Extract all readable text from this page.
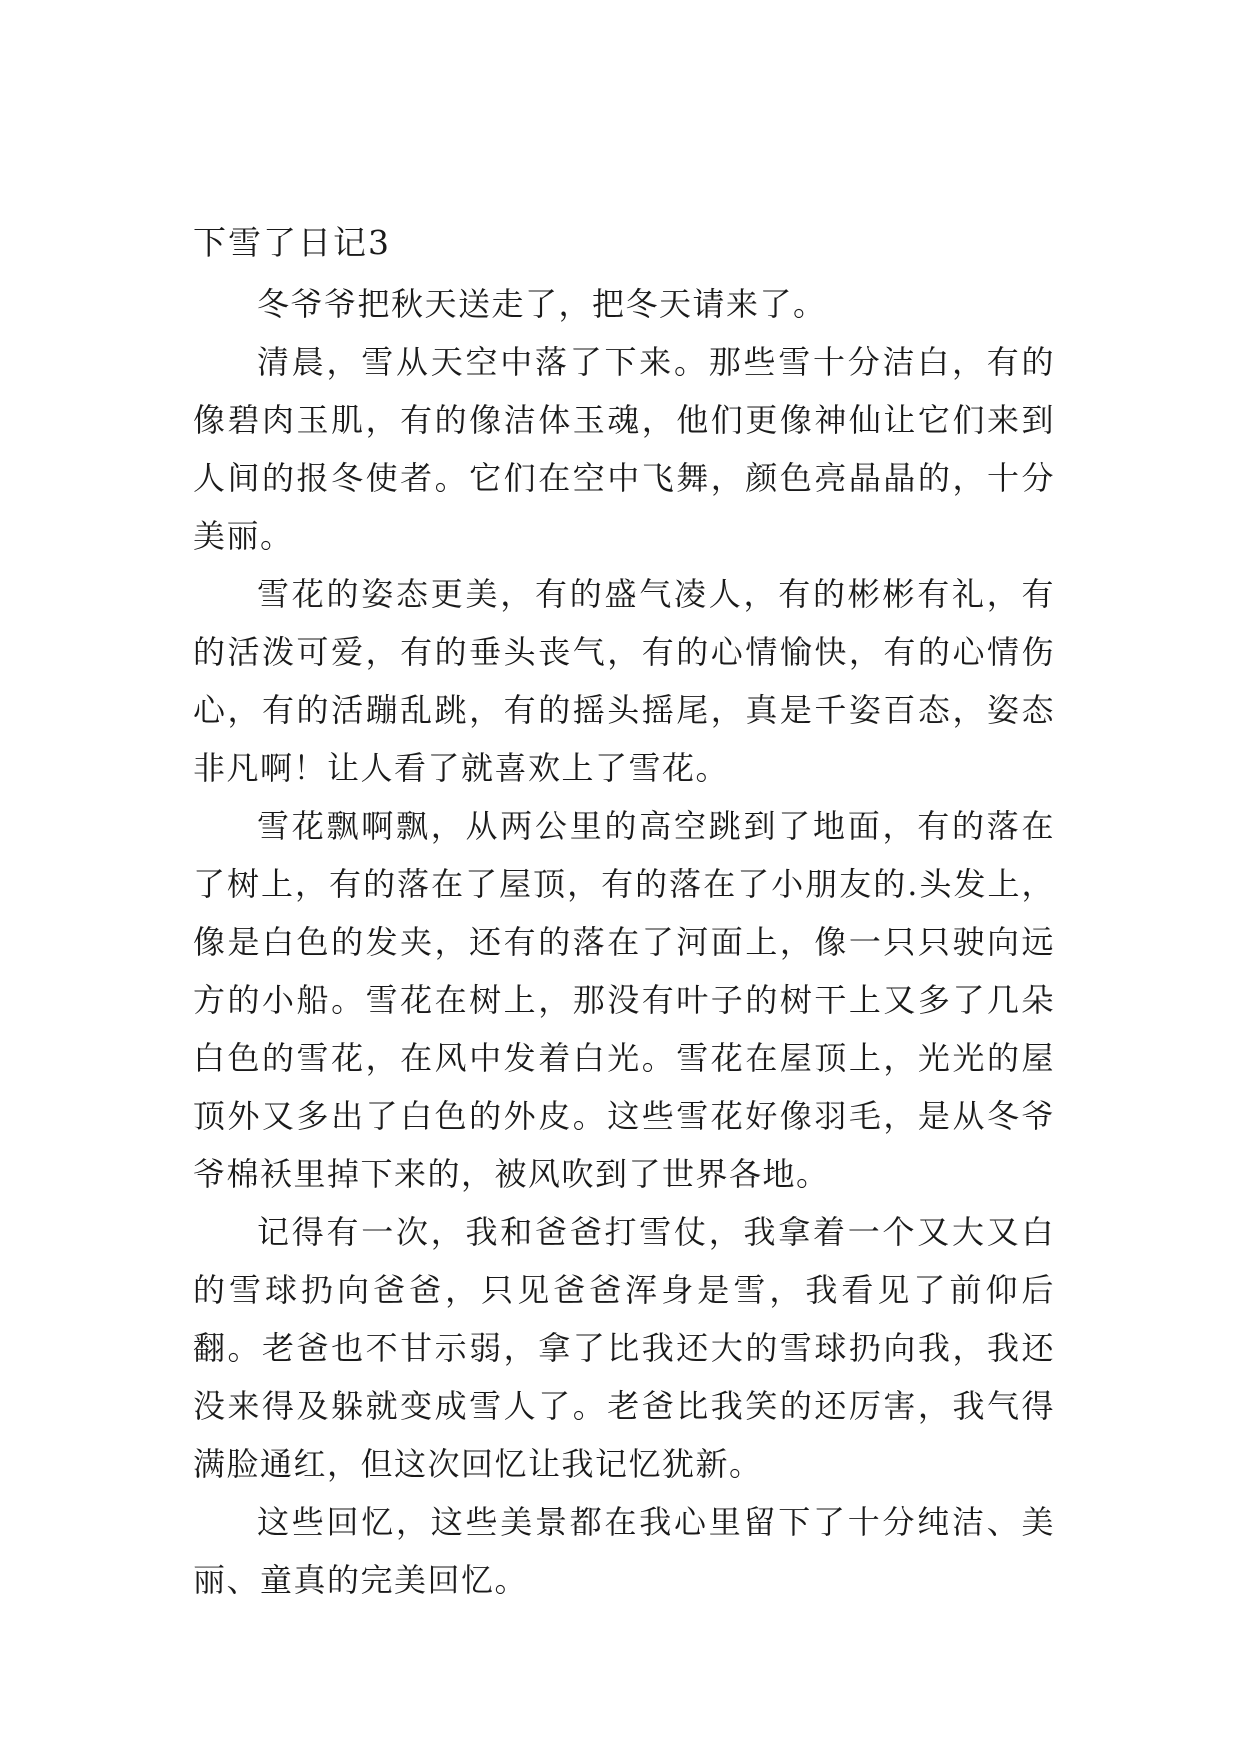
下雪了日记3

冬爷爷把秋天送走了，把冬天请来了。

清晨，雪从天空中落了下来。那些雪十分洁白，有的像碧肉玉肌，有的像洁体玉魂，他们更像神仙让它们来到人间的报冬使者。它们在空中飞舞，颜色亮晶晶的，十分美丽。

雪花的姿态更美，有的盛气凌人，有的彬彬有礼，有的活泼可爱，有的垂头丧气，有的心情愉快，有的心情伤心，有的活蹦乱跳，有的摇头摇尾，真是千姿百态，姿态非凡啊！让人看了就喜欢上了雪花。

雪花飘啊飘，从两公里的高空跳到了地面，有的落在了树上，有的落在了屋顶，有的落在了小朋友的.头发上，像是白色的发夹，还有的落在了河面上，像一只只驶向远方的小船。雪花在树上，那没有叶子的树干上又多了几朵白色的雪花，在风中发着白光。雪花在屋顶上，光光的屋顶外又多出了白色的外皮。这些雪花好像羽毛，是从冬爷爷棉袄里掉下来的，被风吹到了世界各地。

记得有一次，我和爸爸打雪仗，我拿着一个又大又白的雪球扔向爸爸，只见爸爸浑身是雪，我看见了前仰后翻。老爸也不甘示弱，拿了比我还大的雪球扔向我，我还没来得及躲就变成雪人了。老爸比我笑的还厉害，我气得满脸通红，但这次回忆让我记忆犹新。

这些回忆，这些美景都在我心里留下了十分纯洁、美丽、童真的完美回忆。
